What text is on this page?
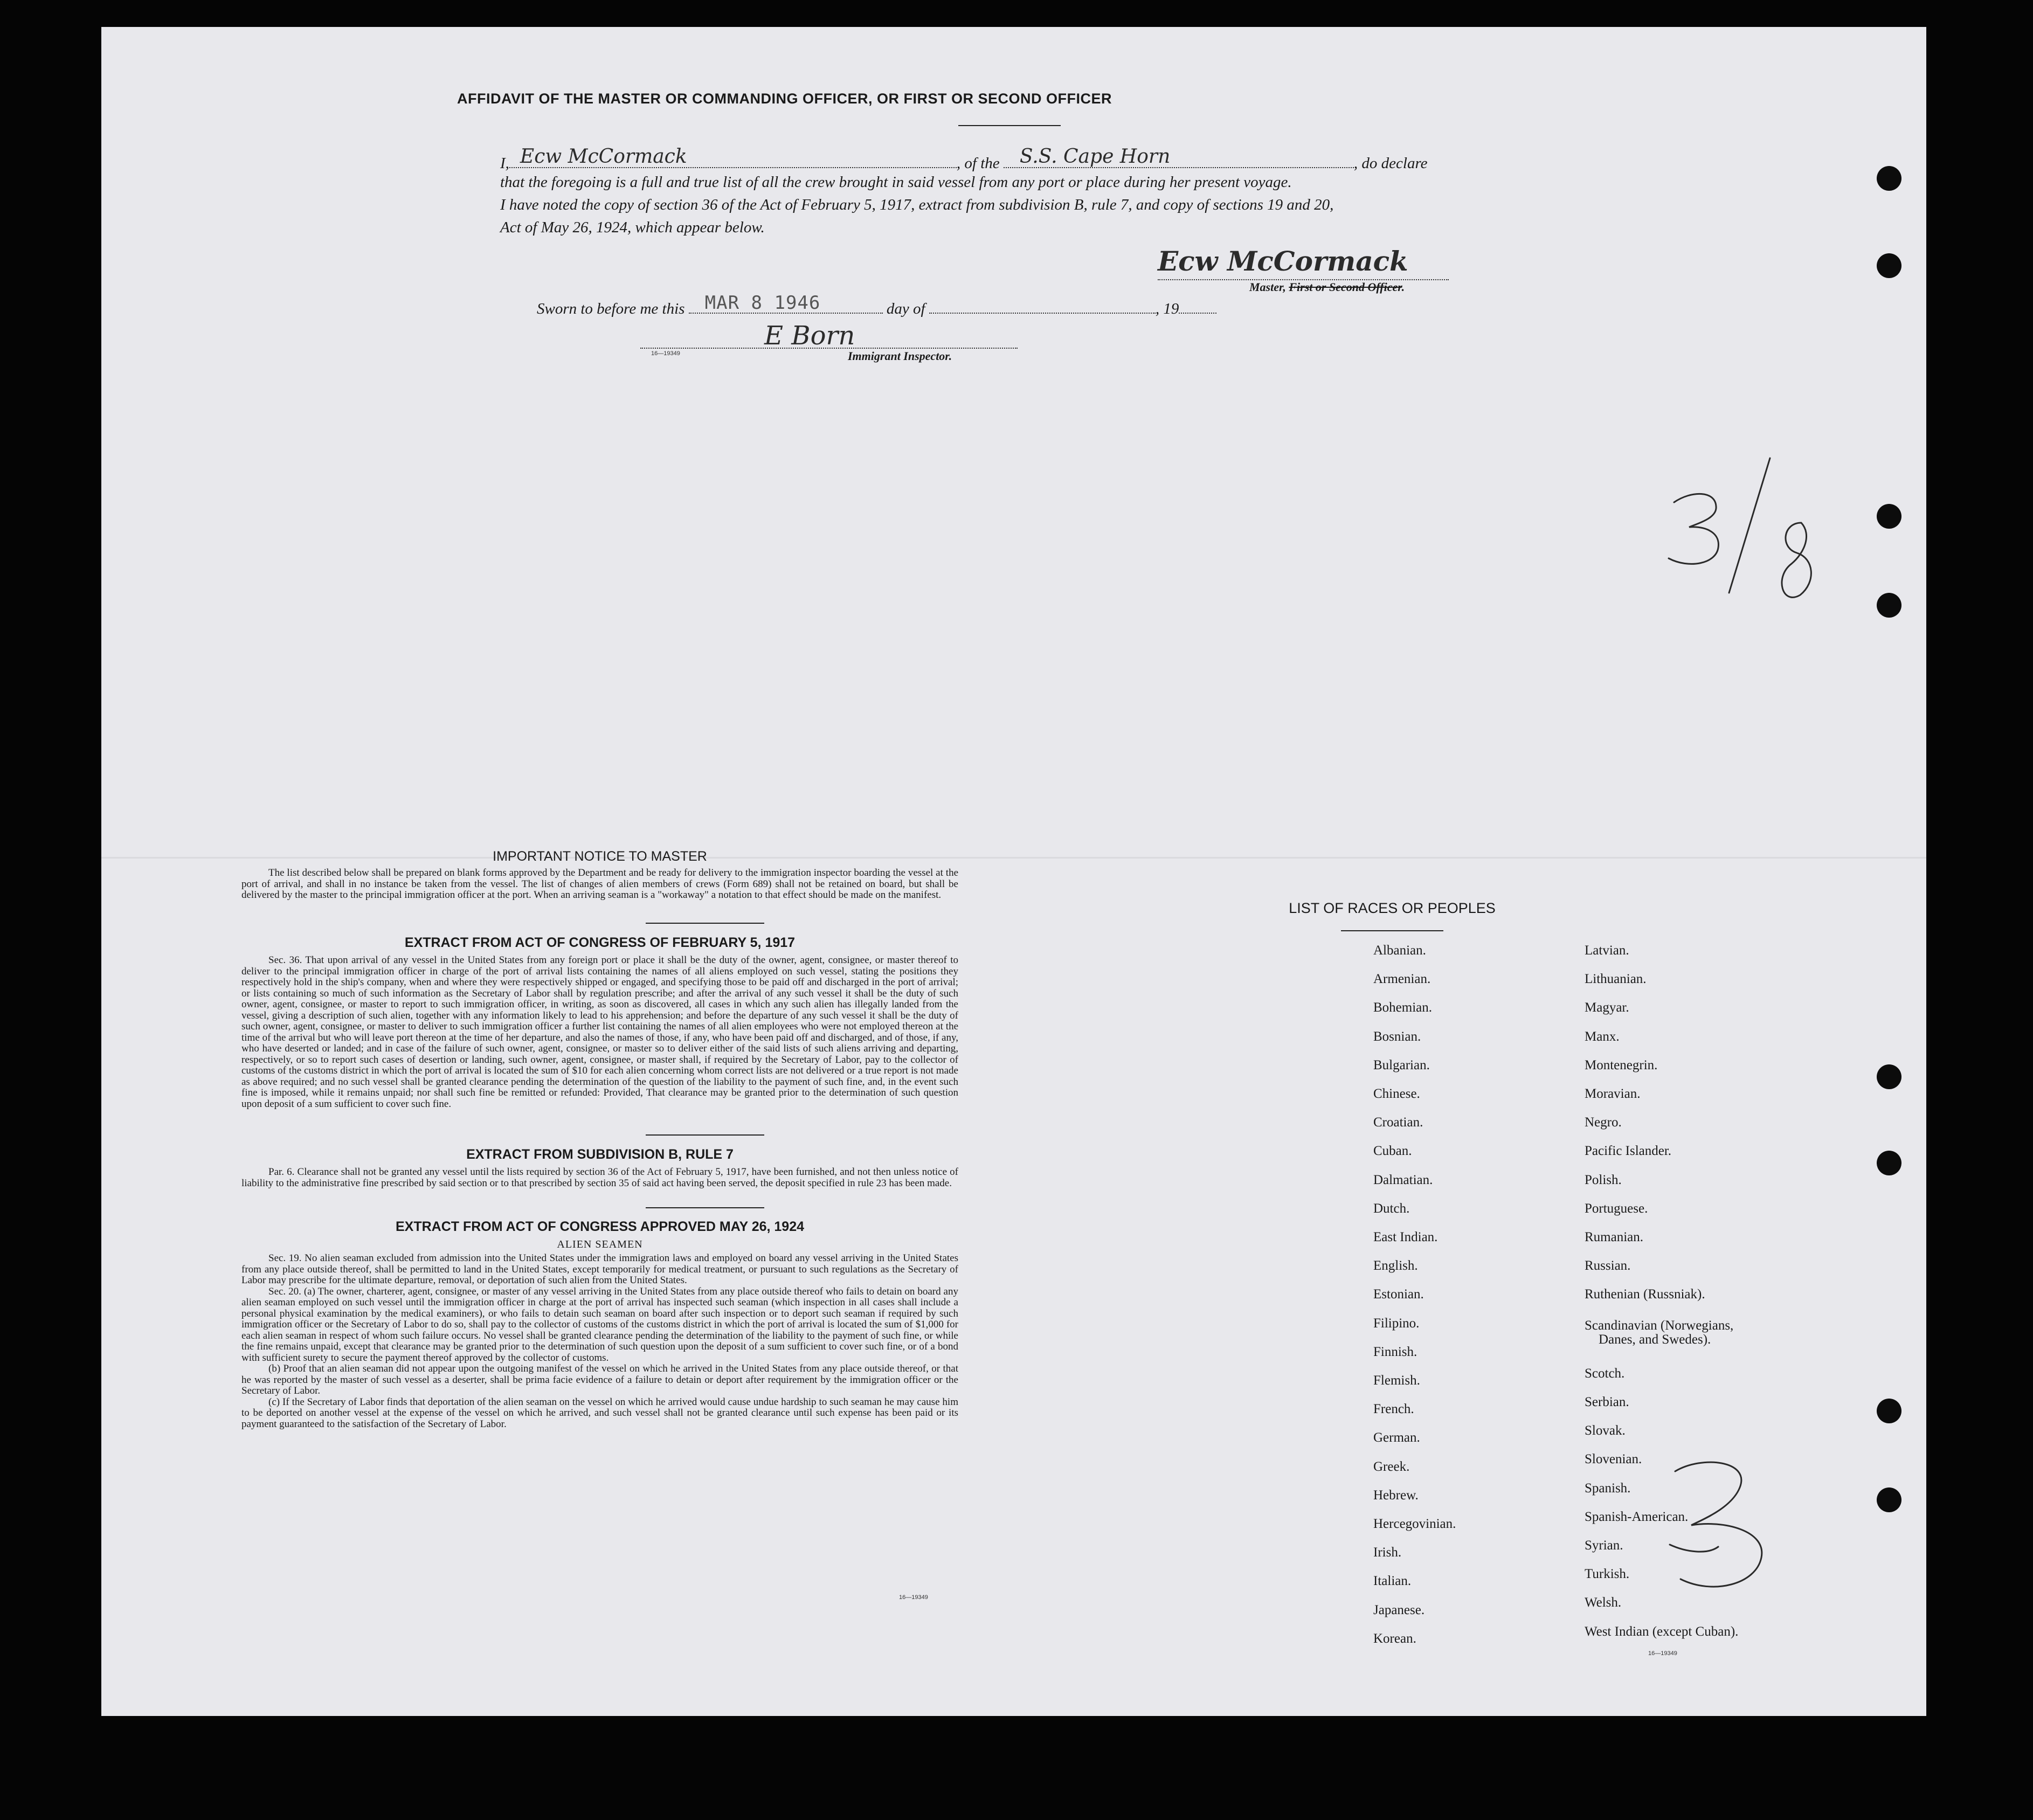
AFFIDAVIT OF THE MASTER OR COMMANDING OFFICER, OR FIRST OR SECOND OFFICER
I, Ecw McCormack	, of the S.S. Cape Horn	, do declare
that the foregoing is a full and true list of all the crew brought in said vessel from any port or place during her present voyage.
I have noted the copy of section 36 of the Act of February 5, 1917, extract from subdivision B, rule 7, and copy of sections 19 and 20,
Act of May 26, 1924, which appear below.
Ecw McCormack
Master, First or Second Officer.
Sworn to before me this MAR 8 1946	day of	, 19
E Born
16—19349	Immigrant Inspector.
IMPORTANT NOTICE TO MASTER

The list described below shall be prepared on blank forms approved by the Department and be ready for delivery to the immigration inspector boarding the vessel at the port of arrival, and shall in no instance be taken from the vessel. The list of changes of alien members of crews (Form 689) shall not be retained on board, but shall be delivered by the master to the principal immigration officer at the port. When an arriving seaman is a "workaway" a notation to that effect should be made on the manifest.

EXTRACT FROM ACT OF CONGRESS OF FEBRUARY 5, 1917

Sec. 36. That upon arrival of any vessel in the United States from any foreign port or place it shall be the duty of the owner, agent, consignee, or master thereof to deliver to the principal immigration officer in charge of the port of arrival lists containing the names of all aliens employed on such vessel, stating the positions they respectively hold in the ship's company, when and where they were respectively shipped or engaged, and specifying those to be paid off and discharged in the port of arrival; or lists containing so much of such information as the Secretary of Labor shall by regulation prescribe; and after the arrival of any such vessel it shall be the duty of such owner, agent, consignee, or master to report to such immigration officer, in writing, as soon as discovered, all cases in which any such alien has illegally landed from the vessel, giving a description of such alien, together with any information likely to lead to his apprehension; and before the departure of any such vessel it shall be the duty of such owner, agent, consignee, or master to deliver to such immigration officer a further list containing the names of all alien employees who were not employed thereon at the time of the arrival but who will leave port thereon at the time of her departure, and also the names of those, if any, who have been paid off and discharged, and of those, if any, who have deserted or landed; and in case of the failure of such owner, agent, consignee, or master so to deliver either of the said lists of such aliens arriving and departing, respectively, or so to report such cases of desertion or landing, such owner, agent, consignee, or master shall, if required by the Secretary of Labor, pay to the collector of customs of the customs district in which the port of arrival is located the sum of $10 for each alien concerning whom correct lists are not delivered or a true report is not made as above required; and no such vessel shall be granted clearance pending the determination of the question of the liability to the payment of such fine, and, in the event such fine is imposed, while it remains unpaid; nor shall such fine be remitted or refunded: Provided, That clearance may be granted prior to the determination of such question upon deposit of a sum sufficient to cover such fine.

EXTRACT FROM SUBDIVISION B, RULE 7

Par. 6. Clearance shall not be granted any vessel until the lists required by section 36 of the Act of February 5, 1917, have been furnished, and not then unless notice of liability to the administrative fine prescribed by said section or to that prescribed by section 35 of said act having been served, the deposit specified in rule 23 has been made.

EXTRACT FROM ACT OF CONGRESS APPROVED MAY 26, 1924
ALIEN SEAMEN

Sec. 19. No alien seaman excluded from admission into the United States under the immigration laws and employed on board any vessel arriving in the United States from any place outside thereof, shall be permitted to land in the United States, except temporarily for medical treatment, or pursuant to such regulations as the Secretary of Labor may prescribe for the ultimate departure, removal, or deportation of such alien from the United States.

Sec. 20. (a) The owner, charterer, agent, consignee, or master of any vessel arriving in the United States from any place outside thereof who fails to detain on board any alien seaman employed on such vessel until the immigration officer in charge at the port of arrival has inspected such seaman (which inspection in all cases shall include a personal physical examination by the medical examiners), or who fails to detain such seaman on board after such inspection or to deport such seaman if required by such immigration officer or the Secretary of Labor to do so, shall pay to the collector of customs of the customs district in which the port of arrival is located the sum of $1,000 for each alien seaman in respect of whom such failure occurs. No vessel shall be granted clearance pending the determination of the liability to the payment of such fine, or while the fine remains unpaid, except that clearance may be granted prior to the determination of such question upon the deposit of a sum sufficient to cover such fine, or of a bond with sufficient surety to secure the payment thereof approved by the collector of customs.

(b) Proof that an alien seaman did not appear upon the outgoing manifest of the vessel on which he arrived in the United States from any place outside thereof, or that he was reported by the master of such vessel as a deserter, shall be prima facie evidence of a failure to detain or deport after requirement by the immigration officer or the Secretary of Labor.

(c) If the Secretary of Labor finds that deportation of the alien seaman on the vessel on which he arrived would cause undue hardship to such seaman he may cause him to be deported on another vessel at the expense of the vessel on which he arrived, and such vessel shall not be granted clearance until such expense has been paid or its payment guaranteed to the satisfaction of the Secretary of Labor.

16—19349
LIST OF RACES OR PEOPLES
16—19349
Albanian.
Armenian.
Bohemian.
Bosnian.
Bulgarian.
Chinese.
Croatian.
Cuban.
Dalmatian.
Dutch.
East Indian.
English.
Estonian.
Filipino.
Finnish.
Flemish.
French.
German.
Greek.
Hebrew.
Hercegovinian.
Irish.
Italian.
Japanese.
Korean.
Latvian.
Lithuanian.
Magyar.
Manx.
Montenegrin.
Moravian.
Negro.
Pacific Islander.
Polish.
Portuguese.
Rumanian.
Russian.
Ruthenian (Russniak).
Scandinavian (Norwegians,
Danes, and Swedes).
Scotch.
Serbian.
Slovak.
Slovenian.
Spanish.
Spanish-American.
Syrian.
Turkish.
Welsh.
West Indian (except Cuban).
